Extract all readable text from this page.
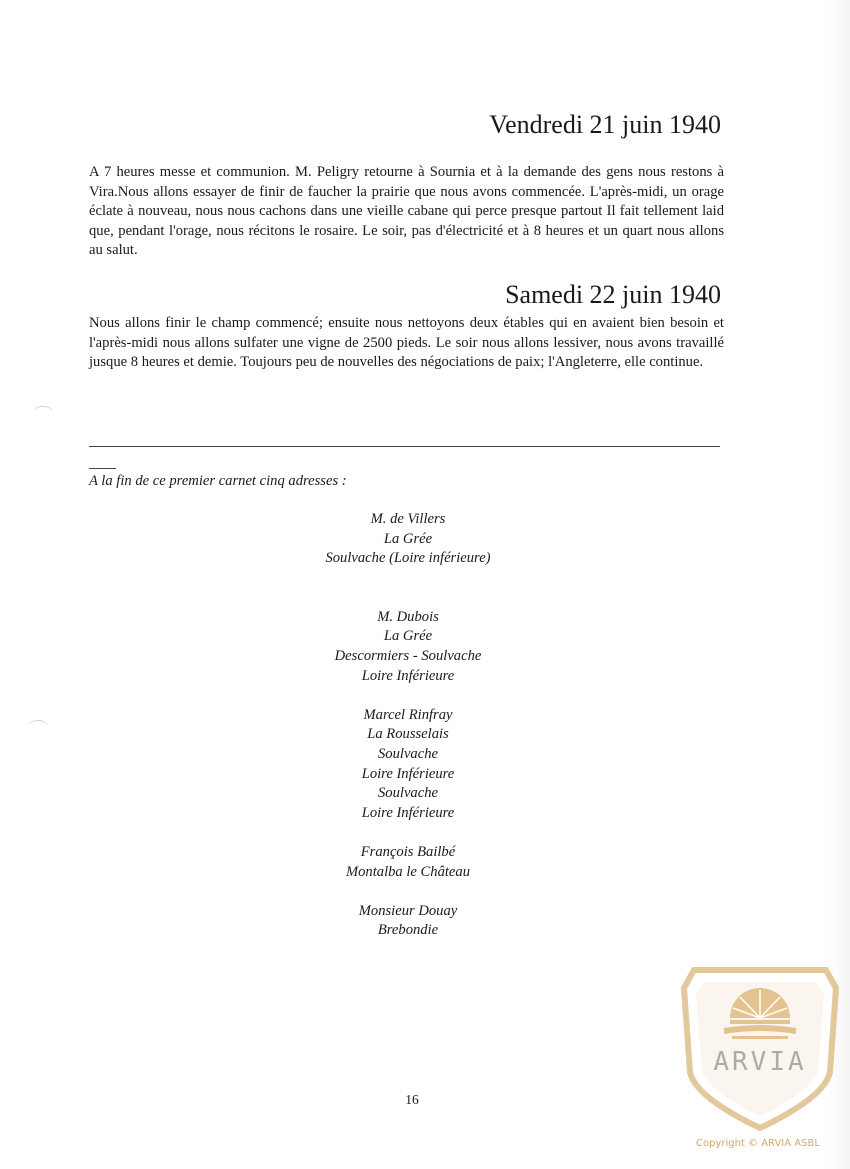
Vendredi 21 juin 1940

A 7 heures messe et communion. M. Peligry retourne à Sournia et à la demande des gens nous restons à Vira.Nous allons essayer de finir de faucher la prairie que nous avons commencée. L'après-midi, un orage éclate à nouveau, nous nous cachons dans une vieille cabane qui perce presque partout Il fait tellement laid que, pendant l'orage, nous récitons le rosaire. Le soir, pas d'électricité et à 8 heures et un quart nous allons au salut.

Samedi 22 juin 1940

Nous allons finir le champ commencé; ensuite nous nettoyons deux étables qui en avaient bien besoin et l'après-midi nous allons sulfater une vigne de 2500 pieds. Le soir nous allons lessiver, nous avons travaillé jusque 8 heures et demie. Toujours peu de nouvelles des négociations de paix; l'Angleterre, elle continue.

A la fin de ce premier carnet cinq adresses :

M. de Villers
La Grée
Soulvache (Loire inférieure)
M. Dubois
La Grée
Descormiers - Soulvache
Loire Inférieure
Marcel Rinfray
La Rousselais
Soulvache
Loire Inférieure
Soulvache
Loire Inférieure
François Bailbé
Montalba le Château
Monsieur Douay
Brebondie
16
ARVIA
Copyright © ARVIA ASBL
